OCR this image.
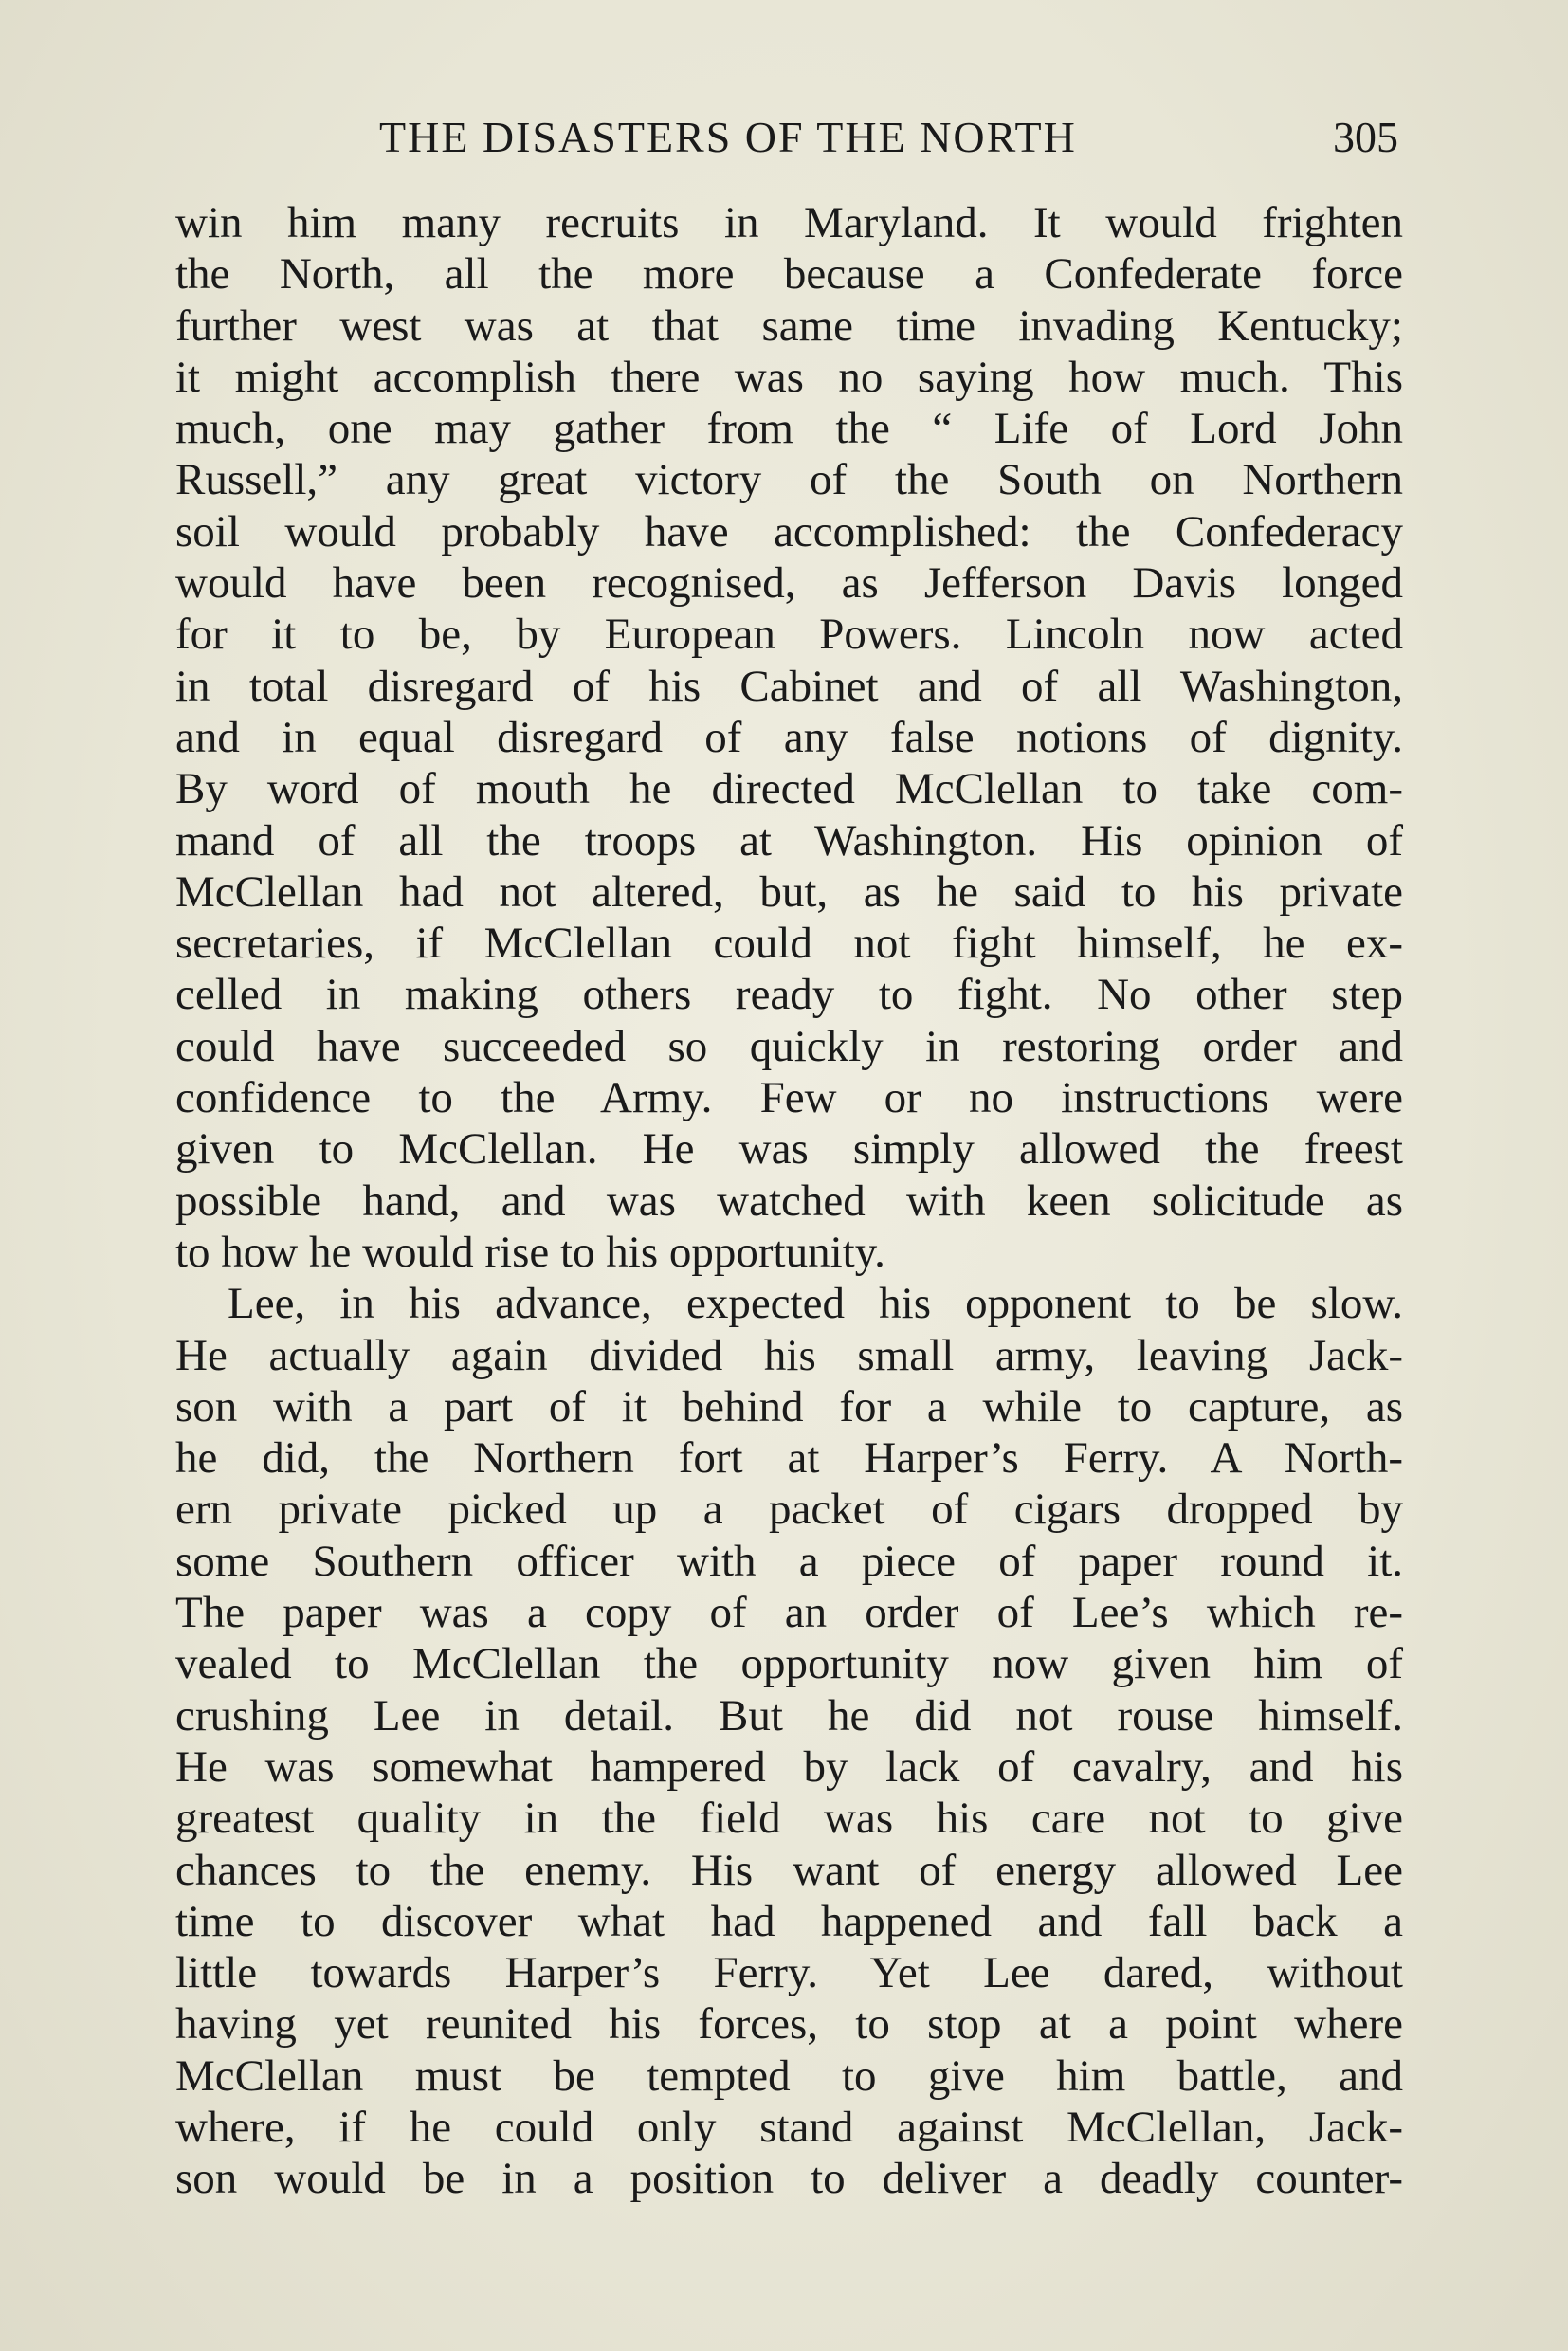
THE DISASTERS OF THE NORTH	305
win him many recruits in Maryland. It would frighten
the North, all the more because a Confederate force
further west was at that same time invading Kentucky;
it might accomplish there was no saying how much. This
much, one may gather from the “ Life of Lord John
Russell,” any great victory of the South on Northern
soil would probably have accomplished: the Confederacy
would have been recognised, as Jefferson Davis longed
for it to be, by European Powers. Lincoln now acted
in total disregard of his Cabinet and of all Washington,
and in equal disregard of any false notions of dignity.
By word of mouth he directed McClellan to take com-
mand of all the troops at Washington. His opinion of
McClellan had not altered, but, as he said to his private
secretaries, if McClellan could not fight himself, he ex-
celled in making others ready to fight. No other step
could have succeeded so quickly in restoring order and
confidence to the Army. Few or no instructions were
given to McClellan. He was simply allowed the freest
possible hand, and was watched with keen solicitude as
to how he would rise to his opportunity.
Lee, in his advance, expected his opponent to be slow.
He actually again divided his small army, leaving Jack-
son with a part of it behind for a while to capture, as
he did, the Northern fort at Harper’s Ferry. A North-
ern private picked up a packet of cigars dropped by
some Southern officer with a piece of paper round it.
The paper was a copy of an order of Lee’s which re-
vealed to McClellan the opportunity now given him of
crushing Lee in detail. But he did not rouse himself.
He was somewhat hampered by lack of cavalry, and his
greatest quality in the field was his care not to give
chances to the enemy. His want of energy allowed Lee
time to discover what had happened and fall back a
little towards Harper’s Ferry. Yet Lee dared, without
having yet reunited his forces, to stop at a point where
McClellan must be tempted to give him battle, and
where, if he could only stand against McClellan, Jack-
son would be in a position to deliver a deadly counter-
